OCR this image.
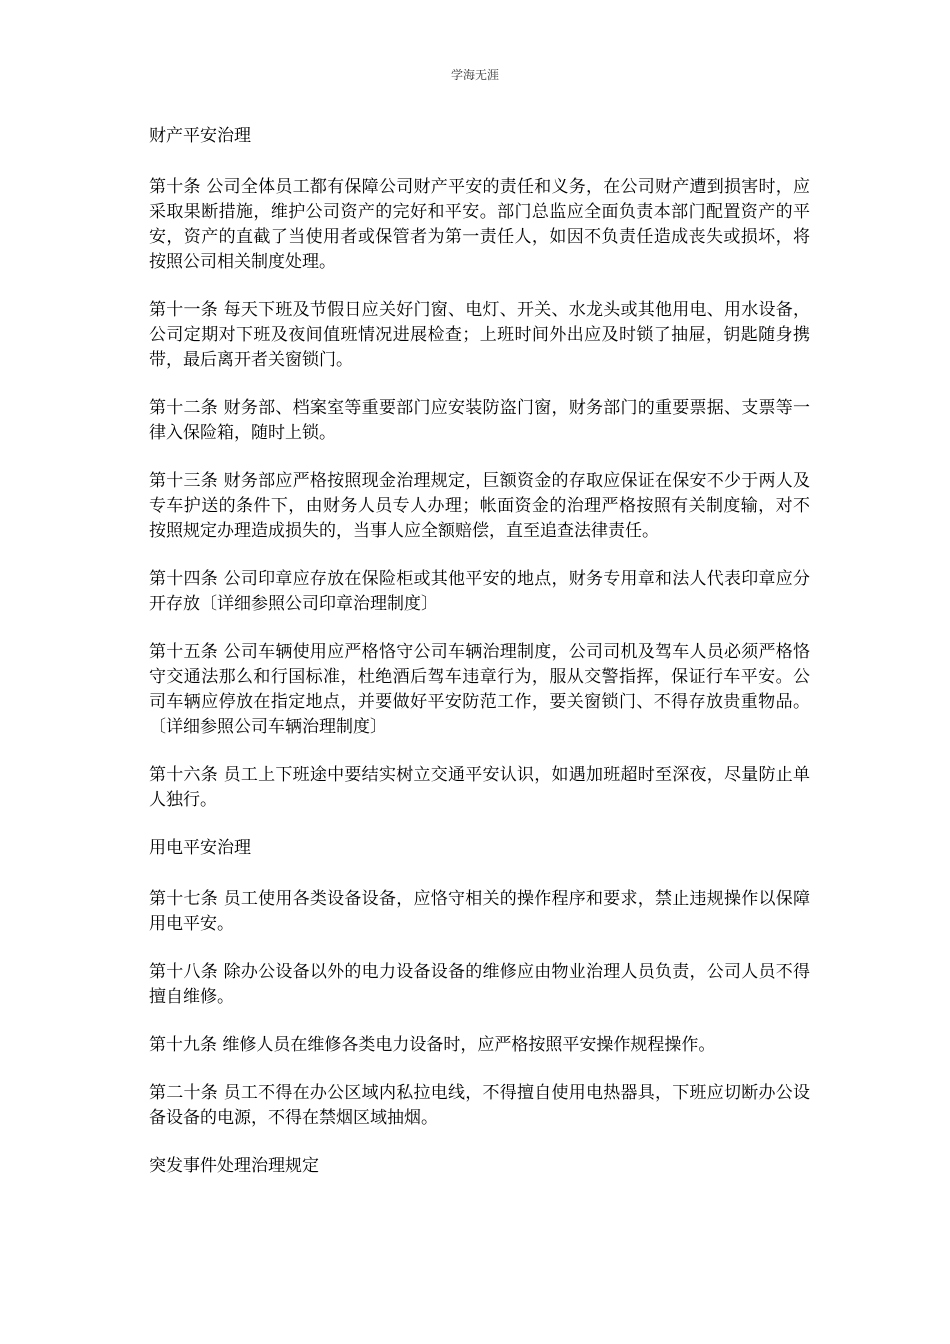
学海无涯
财产平安治理
第十条 公司全体员工都有保障公司财产平安的责任和义务，在公司财产遭到损害时，应采取果断措施，维护公司资产的完好和平安。部门总监应全面负责本部门配置资产的平安，资产的直截了当使用者或保管者为第一责任人，如因不负责任造成丧失或损坏，将按照公司相关制度处理。
第十一条 每天下班及节假日应关好门窗、电灯、开关、水龙头或其他用电、用水设备，公司定期对下班及夜间值班情况进展检查；上班时间外出应及时锁了抽屉，钥匙随身携带，最后离开者关窗锁门。
第十二条 财务部、档案室等重要部门应安装防盗门窗，财务部门的重要票据、支票等一律入保险箱，随时上锁。
第十三条 财务部应严格按照现金治理规定，巨额资金的存取应保证在保安不少于两人及专车护送的条件下，由财务人员专人办理；帐面资金的治理严格按照有关制度输，对不按照规定办理造成损失的，当事人应全额赔偿，直至追查法律责任。
第十四条 公司印章应存放在保险柜或其他平安的地点，财务专用章和法人代表印章应分开存放〔详细参照公司印章治理制度〕
第十五条 公司车辆使用应严格恪守公司车辆治理制度，公司司机及驾车人员必须严格恪守交通法那么和行国标准，杜绝酒后驾车违章行为，服从交警指挥，保证行车平安。公司车辆应停放在指定地点，并要做好平安防范工作，要关窗锁门、不得存放贵重物品。〔详细参照公司车辆治理制度〕
第十六条 员工上下班途中要结实树立交通平安认识，如遇加班超时至深夜，尽量防止单人独行。
用电平安治理
第十七条 员工使用各类设备设备，应恪守相关的操作程序和要求，禁止违规操作以保障用电平安。
第十八条 除办公设备以外的电力设备设备的维修应由物业治理人员负责，公司人员不得擅自维修。
第十九条 维修人员在维修各类电力设备时，应严格按照平安操作规程操作。
第二十条 员工不得在办公区域内私拉电线，不得擅自使用电热器具，下班应切断办公设备设备的电源，不得在禁烟区域抽烟。
突发事件处理治理规定
